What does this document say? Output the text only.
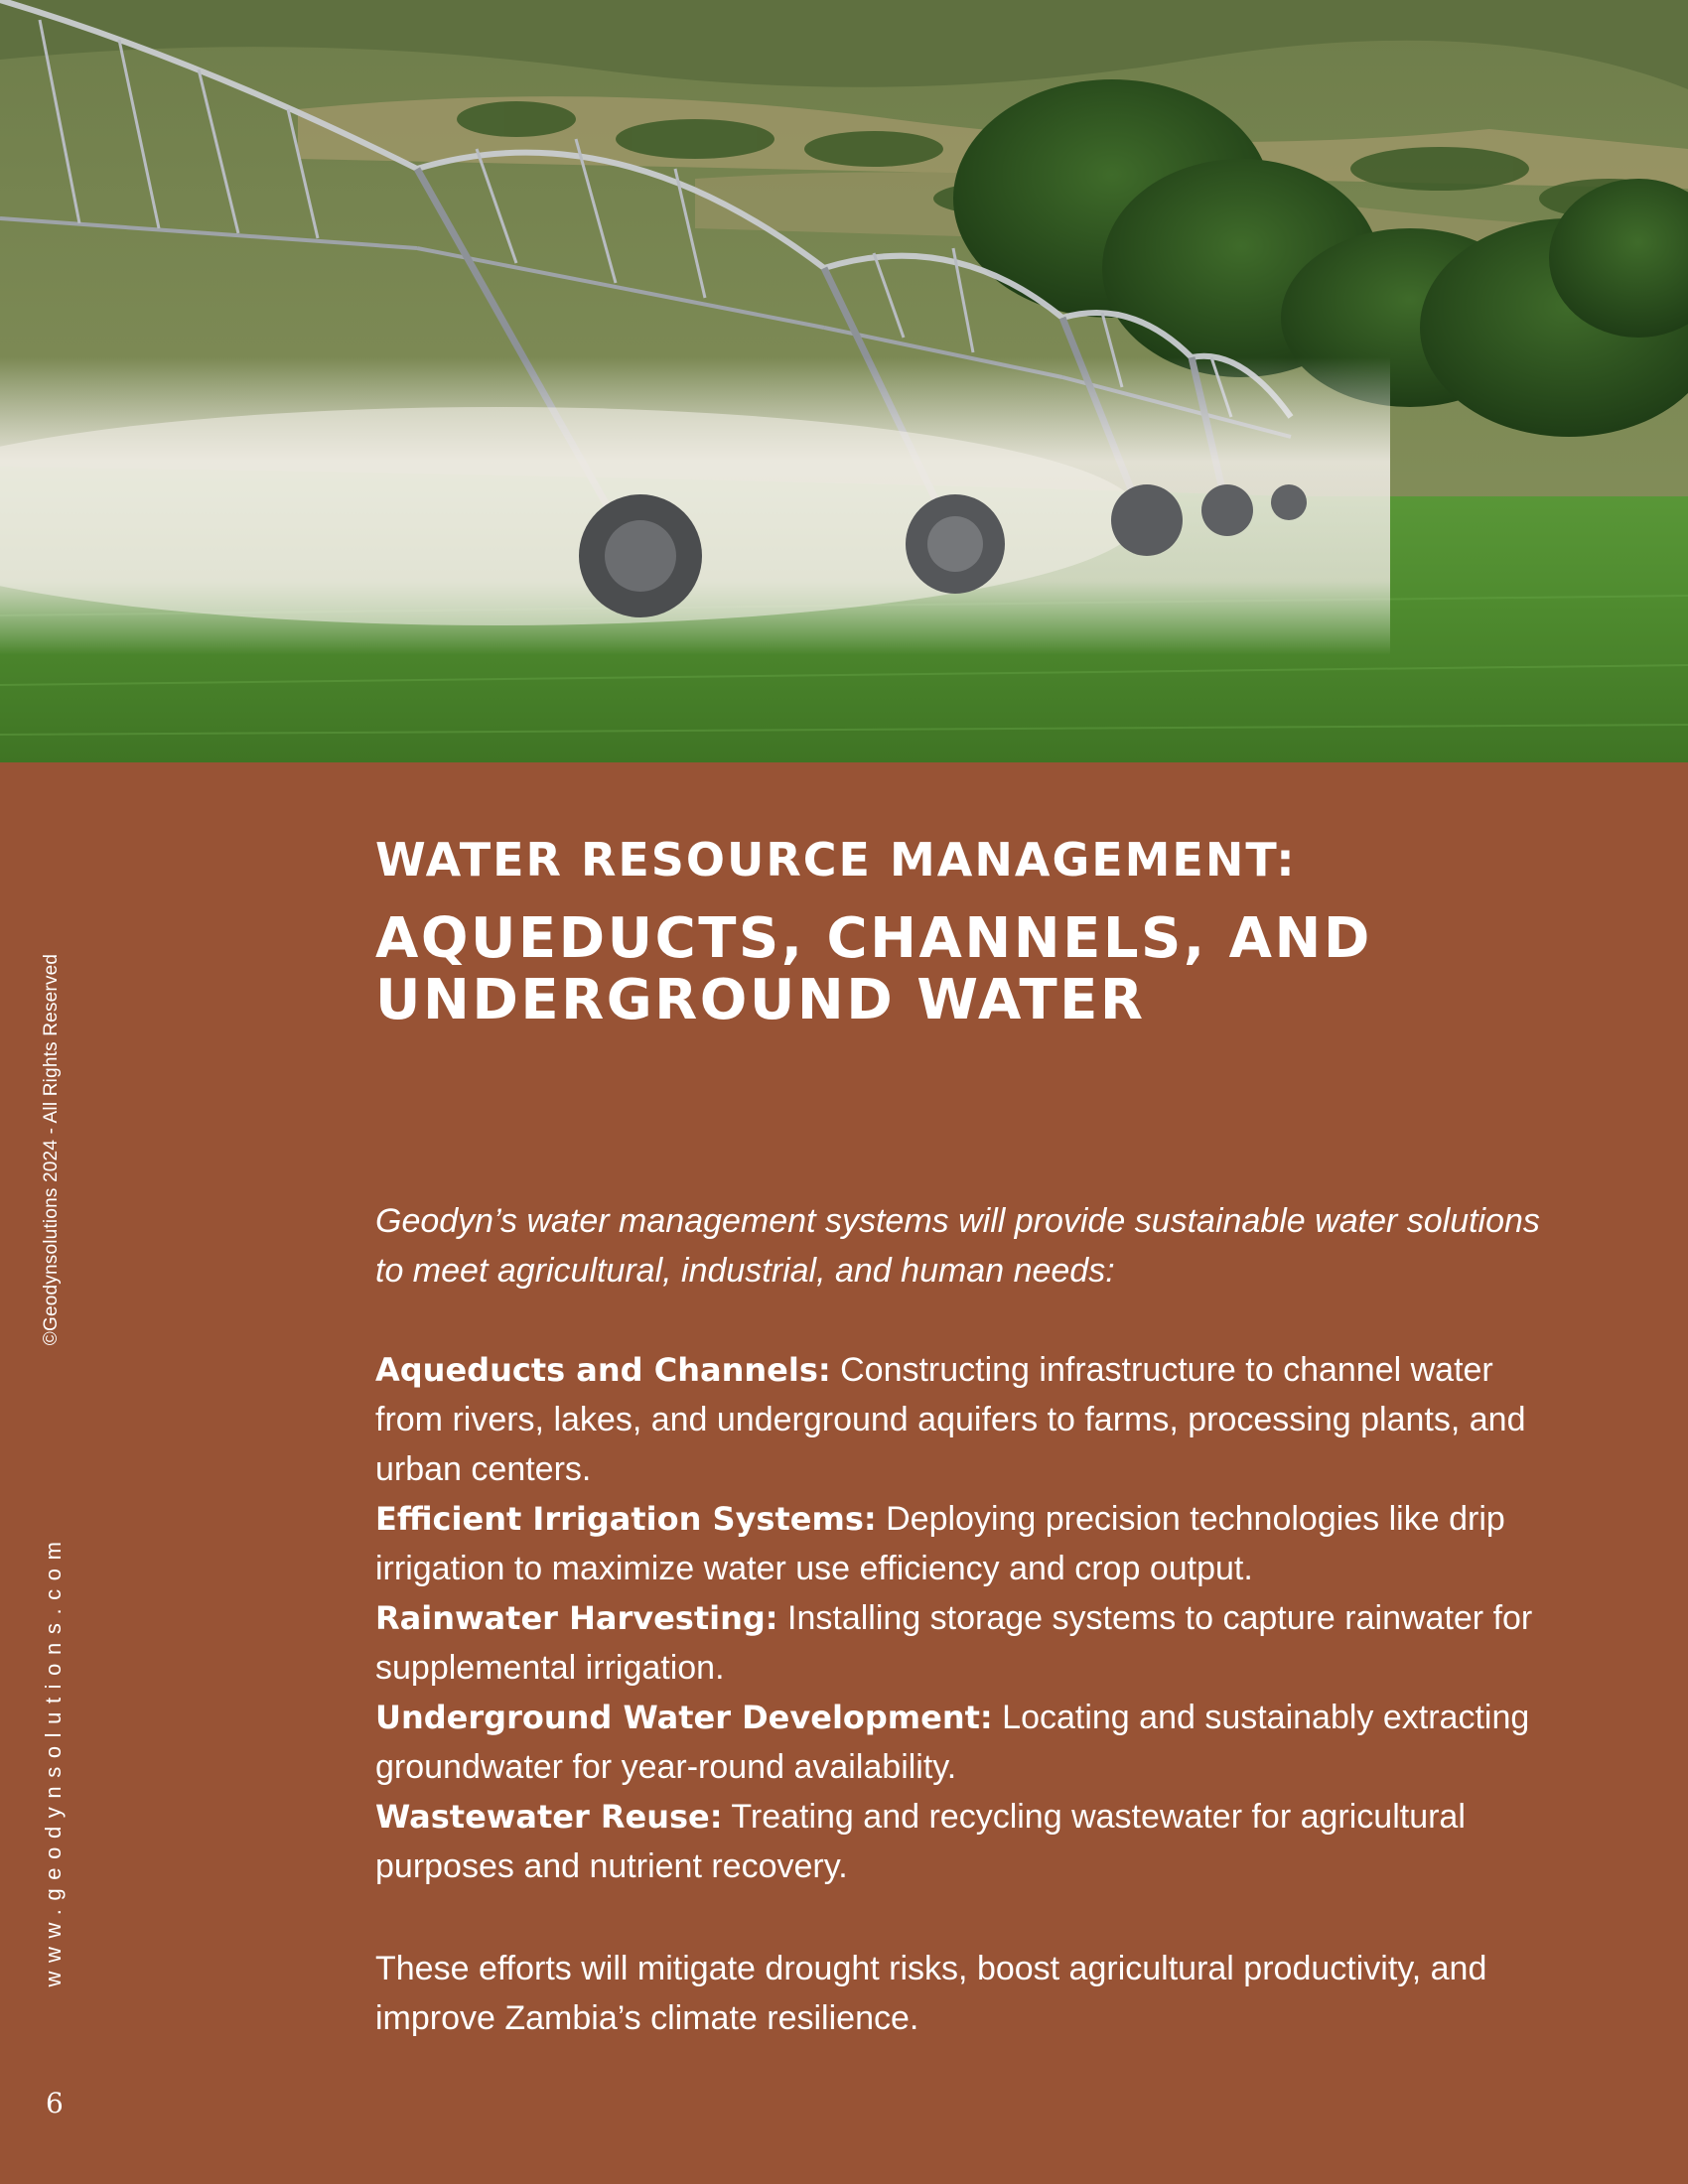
©Geodynsolutions 2024 - All Rights Reserved
www.geodynsolutions.com
6
WATER RESOURCE MANAGEMENT:
AQUEDUCTS, CHANNELS, AND UNDERGROUND WATER

Geodyn’s water management systems will provide sustainable water solutions to meet agricultural, industrial, and human needs:

Aqueducts and Channels: Constructing infrastructure to channel water from rivers, lakes, and underground aquifers to farms, processing plants, and urban centers.
Efficient Irrigation Systems: Deploying precision technologies like drip irrigation to maximize water use efficiency and crop output.
Rainwater Harvesting: Installing storage systems to capture rainwater for supplemental irrigation.
Underground Water Development: Locating and sustainably extracting groundwater for year-round availability.
Wastewater Reuse: Treating and recycling wastewater for agricultural purposes and nutrient recovery.

These efforts will mitigate drought risks, boost agricultural productivity, and improve Zambia’s climate resilience.
